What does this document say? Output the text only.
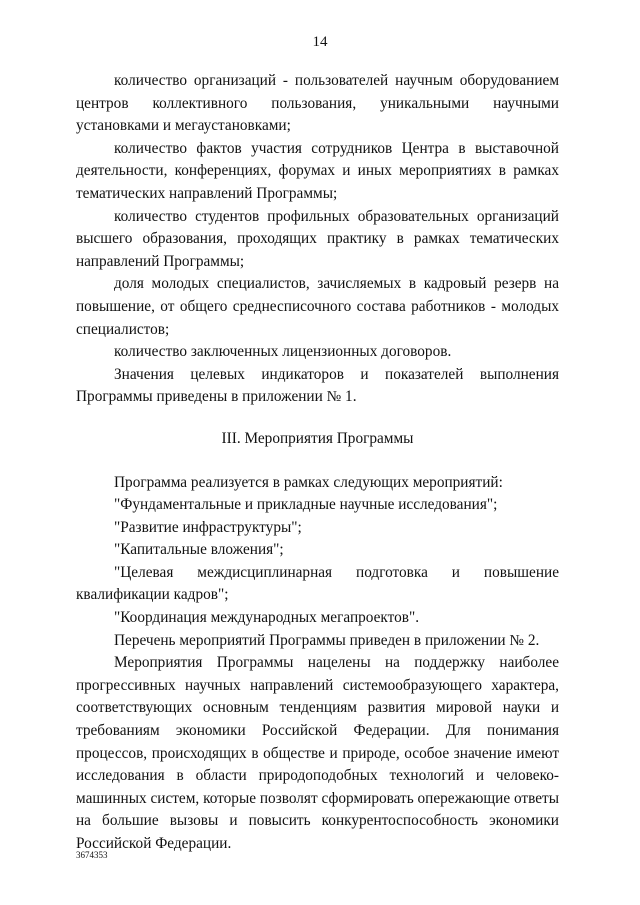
14

количество организаций - пользователей научным оборудованием центров коллективного пользования, уникальными научными установками и мегаустановками;

количество фактов участия сотрудников Центра в выставочной деятельности, конференциях, форумах и иных мероприятиях в рамках тематических направлений Программы;

количество студентов профильных образовательных организаций высшего образования, проходящих практику в рамках тематических направлений Программы;

доля молодых специалистов, зачисляемых в кадровый резерв на повышение, от общего среднесписочного состава работников - молодых специалистов;

количество заключенных лицензионных договоров.

Значения целевых индикаторов и показателей выполнения Программы приведены в приложении № 1.

III. Мероприятия Программы

Программа реализуется в рамках следующих мероприятий:

"Фундаментальные и прикладные научные исследования";

"Развитие инфраструктуры";

"Капитальные вложения";

"Целевая междисциплинарная подготовка и повышение квалификации кадров";

"Координация международных мегапроектов".

Перечень мероприятий Программы приведен в приложении № 2.

Мероприятия Программы нацелены на поддержку наиболее прогрессивных научных направлений системообразующего характера, соответствующих основным тенденциям развития мировой науки и требованиям экономики Российской Федерации. Для понимания процессов, происходящих в обществе и природе, особое значение имеют исследования в области природоподобных технологий и человеко-машинных систем, которые позволят сформировать опережающие ответы на большие вызовы и повысить конкурентоспособность экономики Российской Федерации.

3674353
